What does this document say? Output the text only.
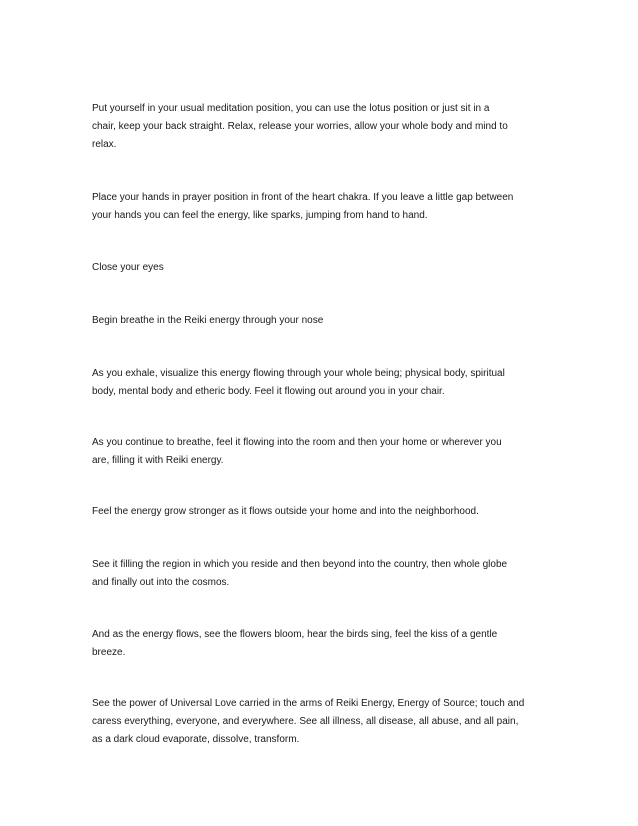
Put yourself in your usual meditation position, you can use the lotus position or just sit in a
chair, keep your back straight. Relax, release your worries, allow your whole body and mind to
relax.

Place your hands in prayer position in front of the heart chakra. If you leave a little gap between
your hands you can feel the energy, like sparks, jumping from hand to hand.

Close your eyes

Begin breathe in the Reiki energy through your nose

As you exhale, visualize this energy flowing through your whole being; physical body, spiritual
body, mental body and etheric body. Feel it flowing out around you in your chair.

As you continue to breathe, feel it flowing into the room and then your home or wherever you
are, filling it with Reiki energy.

Feel the energy grow stronger as it flows outside your home and into the neighborhood.

See it filling the region in which you reside and then beyond into the country, then whole globe
and finally out into the cosmos.

And as the energy flows, see the flowers bloom, hear the birds sing, feel the kiss of a gentle
breeze.

See the power of Universal Love carried in the arms of Reiki Energy, Energy of Source; touch and
caress everything, everyone, and everywhere. See all illness, all disease, all abuse, and all pain,
as a dark cloud evaporate, dissolve, transform.
